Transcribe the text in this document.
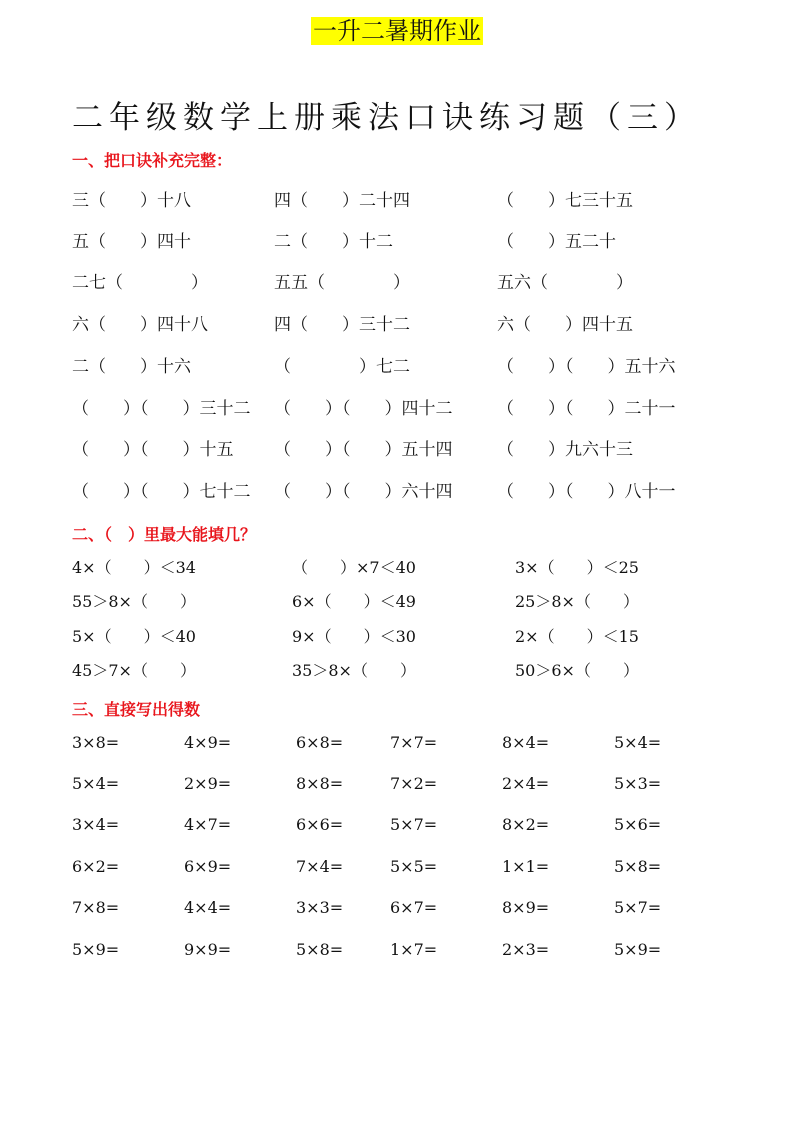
一升二暑期作业
二年级数学上册乘法口诀练习题（三）
一、把口诀补充完整：
三（　　）十八	四（　　）二十四	（　　）七三十五
五（　　）四十	二（　　）十二	（　　）五二十
二七（　　　　）	五五（　　　　）	五六（　　　　）
六（　　）四十八	四（　　）三十二	六（　　）四十五
二（　　）十六	（　　　　）七二	（　　）（　　）五十六
（　　）（　　）三十二 （　　）（　　）四十二	（　　）（　　）二十一
（　　）（　　）十五 （　　）（　　）五十四	（　　）九六十三
（　　）（　　）七十二 （　　）（　　）六十四	（　　）（　　）八十一
二、（　）里最大能填几？
4×（　　）＜34	（　　）×7＜40	3×（　　）＜25
55＞8×（　　）	6×（　　）＜49	25＞8×（　　）
5×（　　）＜40	9×（　　）＜30	2×（　　）＜15
45＞7×（　　）	35＞8×（　　）	50＞6×（　　）
三、直接写出得数
3×8=	4×9=	6×8=	7×7=	8×4=	5×4=
5×4=	2×9=	8×8=	7×2=	2×4=	5×3=
3×4=	4×7=	6×6=	5×7=	8×2=	5×6=
6×2=	6×9=	7×4=	5×5=	1×1=	5×8=
7×8=	4×4=	3×3=	6×7=	8×9=	5×7=
5×9=	9×9=	5×8=	1×7=	2×3=	5×9=
